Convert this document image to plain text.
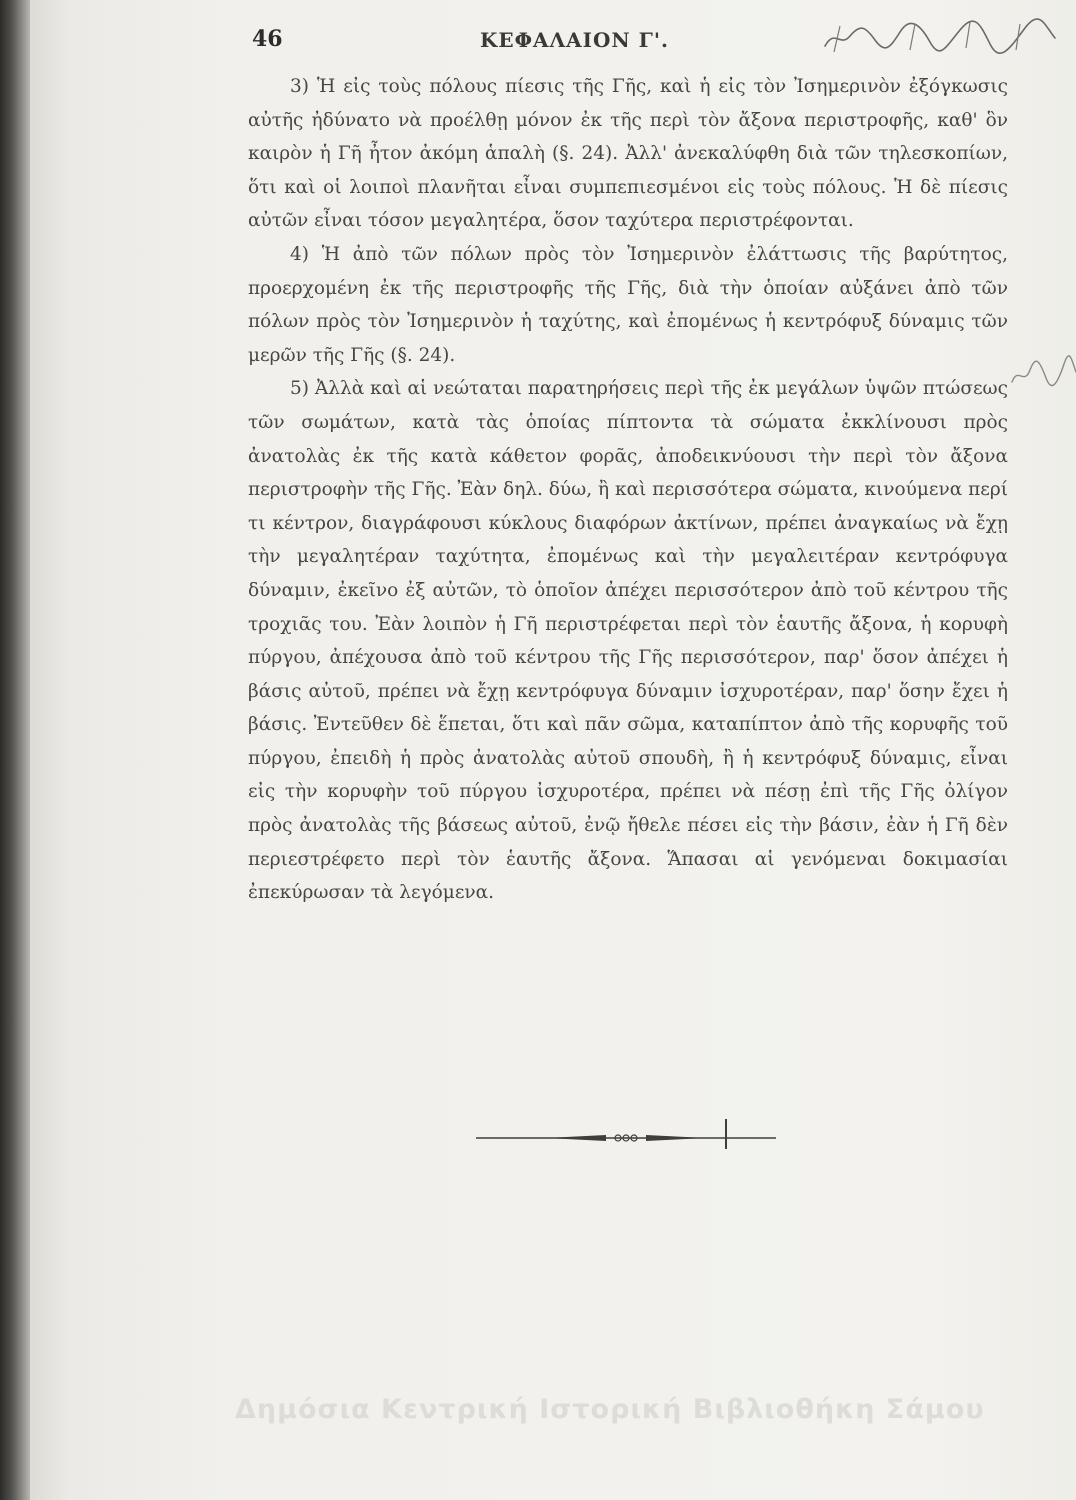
46	ΚΕΦΑΛΑΙΟΝ Γ'.

3) Ἡ εἰς τοὺς πόλους πίεσις τῆς Γῆς, καὶ ἡ εἰς τὸν Ἰσημερινὸν ἐξόγκωσις αὐτῆς ἠδύνατο νὰ προέλθῃ μόνον ἐκ τῆς περὶ τὸν ἄξονα περιστροφῆς, καθ' ὃν καιρὸν ἡ Γῆ ἦτον ἀκόμη ἁπαλὴ (§. 24). Ἀλλ' ἀνεκαλύφθη διὰ τῶν τηλεσκοπίων, ὅτι καὶ οἱ λοιποὶ πλανῆται εἶναι συμπεπιεσμένοι εἰς τοὺς πόλους. Ἡ δὲ πίεσις αὐτῶν εἶναι τόσον μεγαλητέρα, ὅσον ταχύτερα περιστρέφονται.

4) Ἡ ἀπὸ τῶν πόλων πρὸς τὸν Ἰσημερινὸν ἐλάττωσις τῆς βαρύτητος, προερχομένη ἐκ τῆς περιστροφῆς τῆς Γῆς, διὰ τὴν ὁποίαν αὐξάνει ἀπὸ τῶν πόλων πρὸς τὸν Ἰσημερινὸν ἡ ταχύτης, καὶ ἐπομένως ἡ κεντρόφυξ δύναμις τῶν μερῶν τῆς Γῆς (§. 24).

5) Ἀλλὰ καὶ αἱ νεώταται παρατηρήσεις περὶ τῆς ἐκ μεγάλων ὑψῶν πτώσεως τῶν σωμάτων, κατὰ τὰς ὁποίας πίπτοντα τὰ σώματα ἐκκλίνουσι πρὸς ἀνατολὰς ἐκ τῆς κατὰ κάθετον φορᾶς, ἀποδεικνύουσι τὴν περὶ τὸν ἄξονα περιστροφὴν τῆς Γῆς. Ἐὰν δηλ. δύω, ἢ καὶ περισσότερα σώματα, κινούμενα περί τι κέντρον, διαγράφουσι κύκλους διαφόρων ἀκτίνων, πρέπει ἀναγκαίως νὰ ἔχῃ τὴν μεγαλητέραν ταχύτητα, ἐπομένως καὶ τὴν μεγαλειτέραν κεντρόφυγα δύναμιν, ἐκεῖνο ἐξ αὐτῶν, τὸ ὁποῖον ἀπέχει περισσότερον ἀπὸ τοῦ κέντρου τῆς τροχιᾶς του. Ἐὰν λοιπὸν ἡ Γῆ περιστρέφεται περὶ τὸν ἑαυτῆς ἄξονα, ἡ κορυφὴ πύργου, ἀπέχουσα ἀπὸ τοῦ κέντρου τῆς Γῆς περισσότερον, παρ' ὅσον ἀπέχει ἡ βάσις αὐτοῦ, πρέπει νὰ ἔχῃ κεντρόφυγα δύναμιν ἰσχυροτέραν, παρ' ὅσην ἔχει ἡ βάσις. Ἐντεῦθεν δὲ ἕπεται, ὅτι καὶ πᾶν σῶμα, καταπίπτον ἀπὸ τῆς κορυφῆς τοῦ πύργου, ἐπειδὴ ἡ πρὸς ἀνατολὰς αὐτοῦ σπουδὴ, ἢ ἡ κεντρόφυξ δύναμις, εἶναι εἰς τὴν κορυφὴν τοῦ πύργου ἰσχυροτέρα, πρέπει νὰ πέσῃ ἐπὶ τῆς Γῆς ὀλίγον πρὸς ἀνατολὰς τῆς βάσεως αὐτοῦ, ἐνῷ ἤθελε πέσει εἰς τὴν βάσιν, ἐὰν ἡ Γῆ δὲν περιεστρέφετο περὶ τὸν ἑαυτῆς ἄξονα. Ἅπασαι αἱ γενόμεναι δοκιμασίαι ἐπεκύρωσαν τὰ λεγόμενα.

Δημόσια Κεντρική Ιστορική Βιβλιοθήκη Σάμου
